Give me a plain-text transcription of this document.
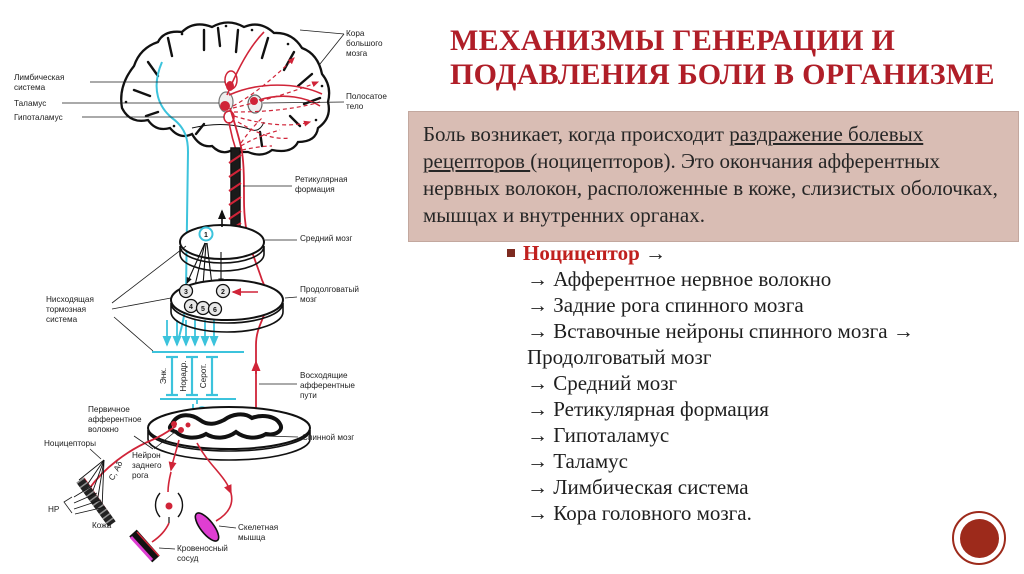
1
3	2
4 5 6
Лимбическая
система
Таламус
Гипоталамус
Кора
большого
мозга
Полосатое
тело
Ретикулярная
формация
Средний мозг
Продолговатый
мозг
Нисходящая
тормозная
система
Восходящие
афферентные
пути
Спинной мозг
Первичное
афферентное
волокно
Ноцицепторы
Нейрон
заднего
рога
С, Аδ
НР
Кожа
Кровеносный
сосуд
Скелетная
мышца
Энк. Норадр. Серот.
МЕХАНИЗМЫ ГЕНЕРАЦИИ И
ПОДАВЛЕНИЯ БОЛИ В ОРГАНИЗМЕ
Боль возникает, когда происходит раздражение болевых рецепторов (ноцицепторов). Это окончания афферентных нервных волокон, расположенные в коже, слизистых оболочках, мышцах и внутренних органах.
Ноцицептор →
→ Афферентное нервное волокно
→ Задние рога спинного мозга
→ Вставочные нейроны спинного мозга → Продолговатый мозг
→ Средний мозг
→ Ретикулярная формация
→ Гипоталамус
→ Таламус
→ Лимбическая система
→ Кора головного мозга.
